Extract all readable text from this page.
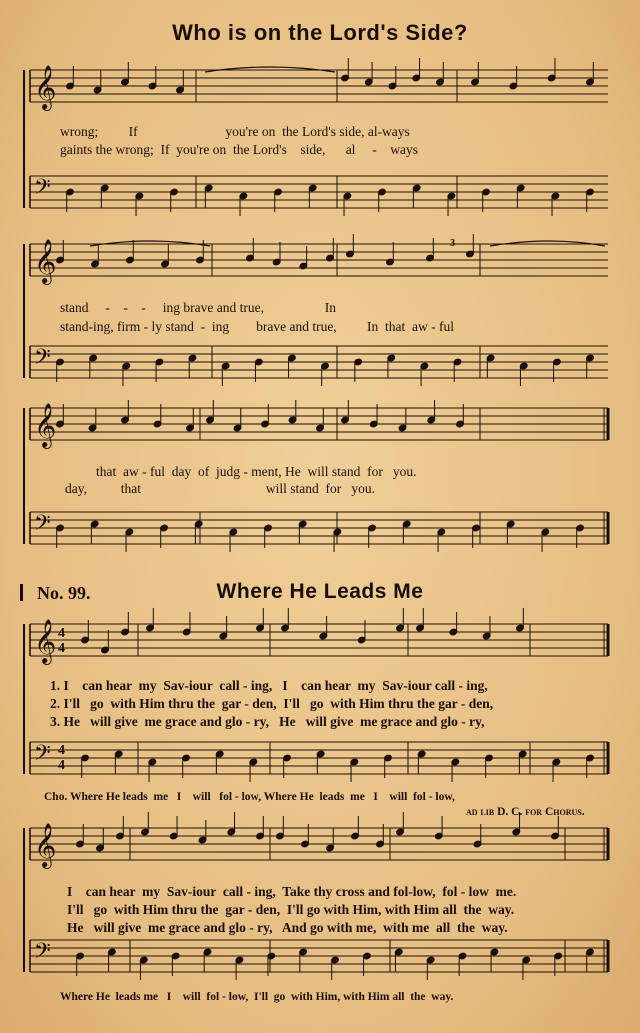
Who is on the Lord's Side?
𝄞
𝄢
𝄞
𝄢
𝄞
𝄢
𝄞
𝄢
𝄞
𝄢
3
4
4
4
4
wrong;         If                          you're on  the Lord's side, al-ways
gaints the wrong;  If  you're on  the Lord's    side,      al     -    ways
stand     -    -    -     ing brave and true,                  In
stand-ing, firm - ly stand  -  ing        brave and true,         In  that  aw - ful
that  aw - ful  day  of  judg - ment, He  will stand  for   you.
day,          that                                     will stand  for   you.
No. 99.	Where He Leads Me
1. I    can hear  my  Sav-iour  call - ing,   I    can hear  my  Sav-iour call - ing,
2. I'll   go  with Him thru the  gar - den,  I'll   go  with Him thru the gar - den,
3. He   will give  me grace and glo - ry,   He   will give  me grace and glo - ry,
Cho. Where He leads  me   I    will   fol - low, Where He  leads  me   I    will  fol - low,
ad lib D. C. for Chorus.
I    can hear  my  Sav-iour  call - ing,  Take thy cross and fol-low,  fol - low  me.
I'll   go  with Him thru the  gar - den,  I'll go with Him, with Him all  the  way.
He   will give  me grace and glo - ry,   And go with me,  with me  all  the  way.
Where He  leads me   I    will  fol - low,  I'll  go  with Him, with Him all  the  way.
